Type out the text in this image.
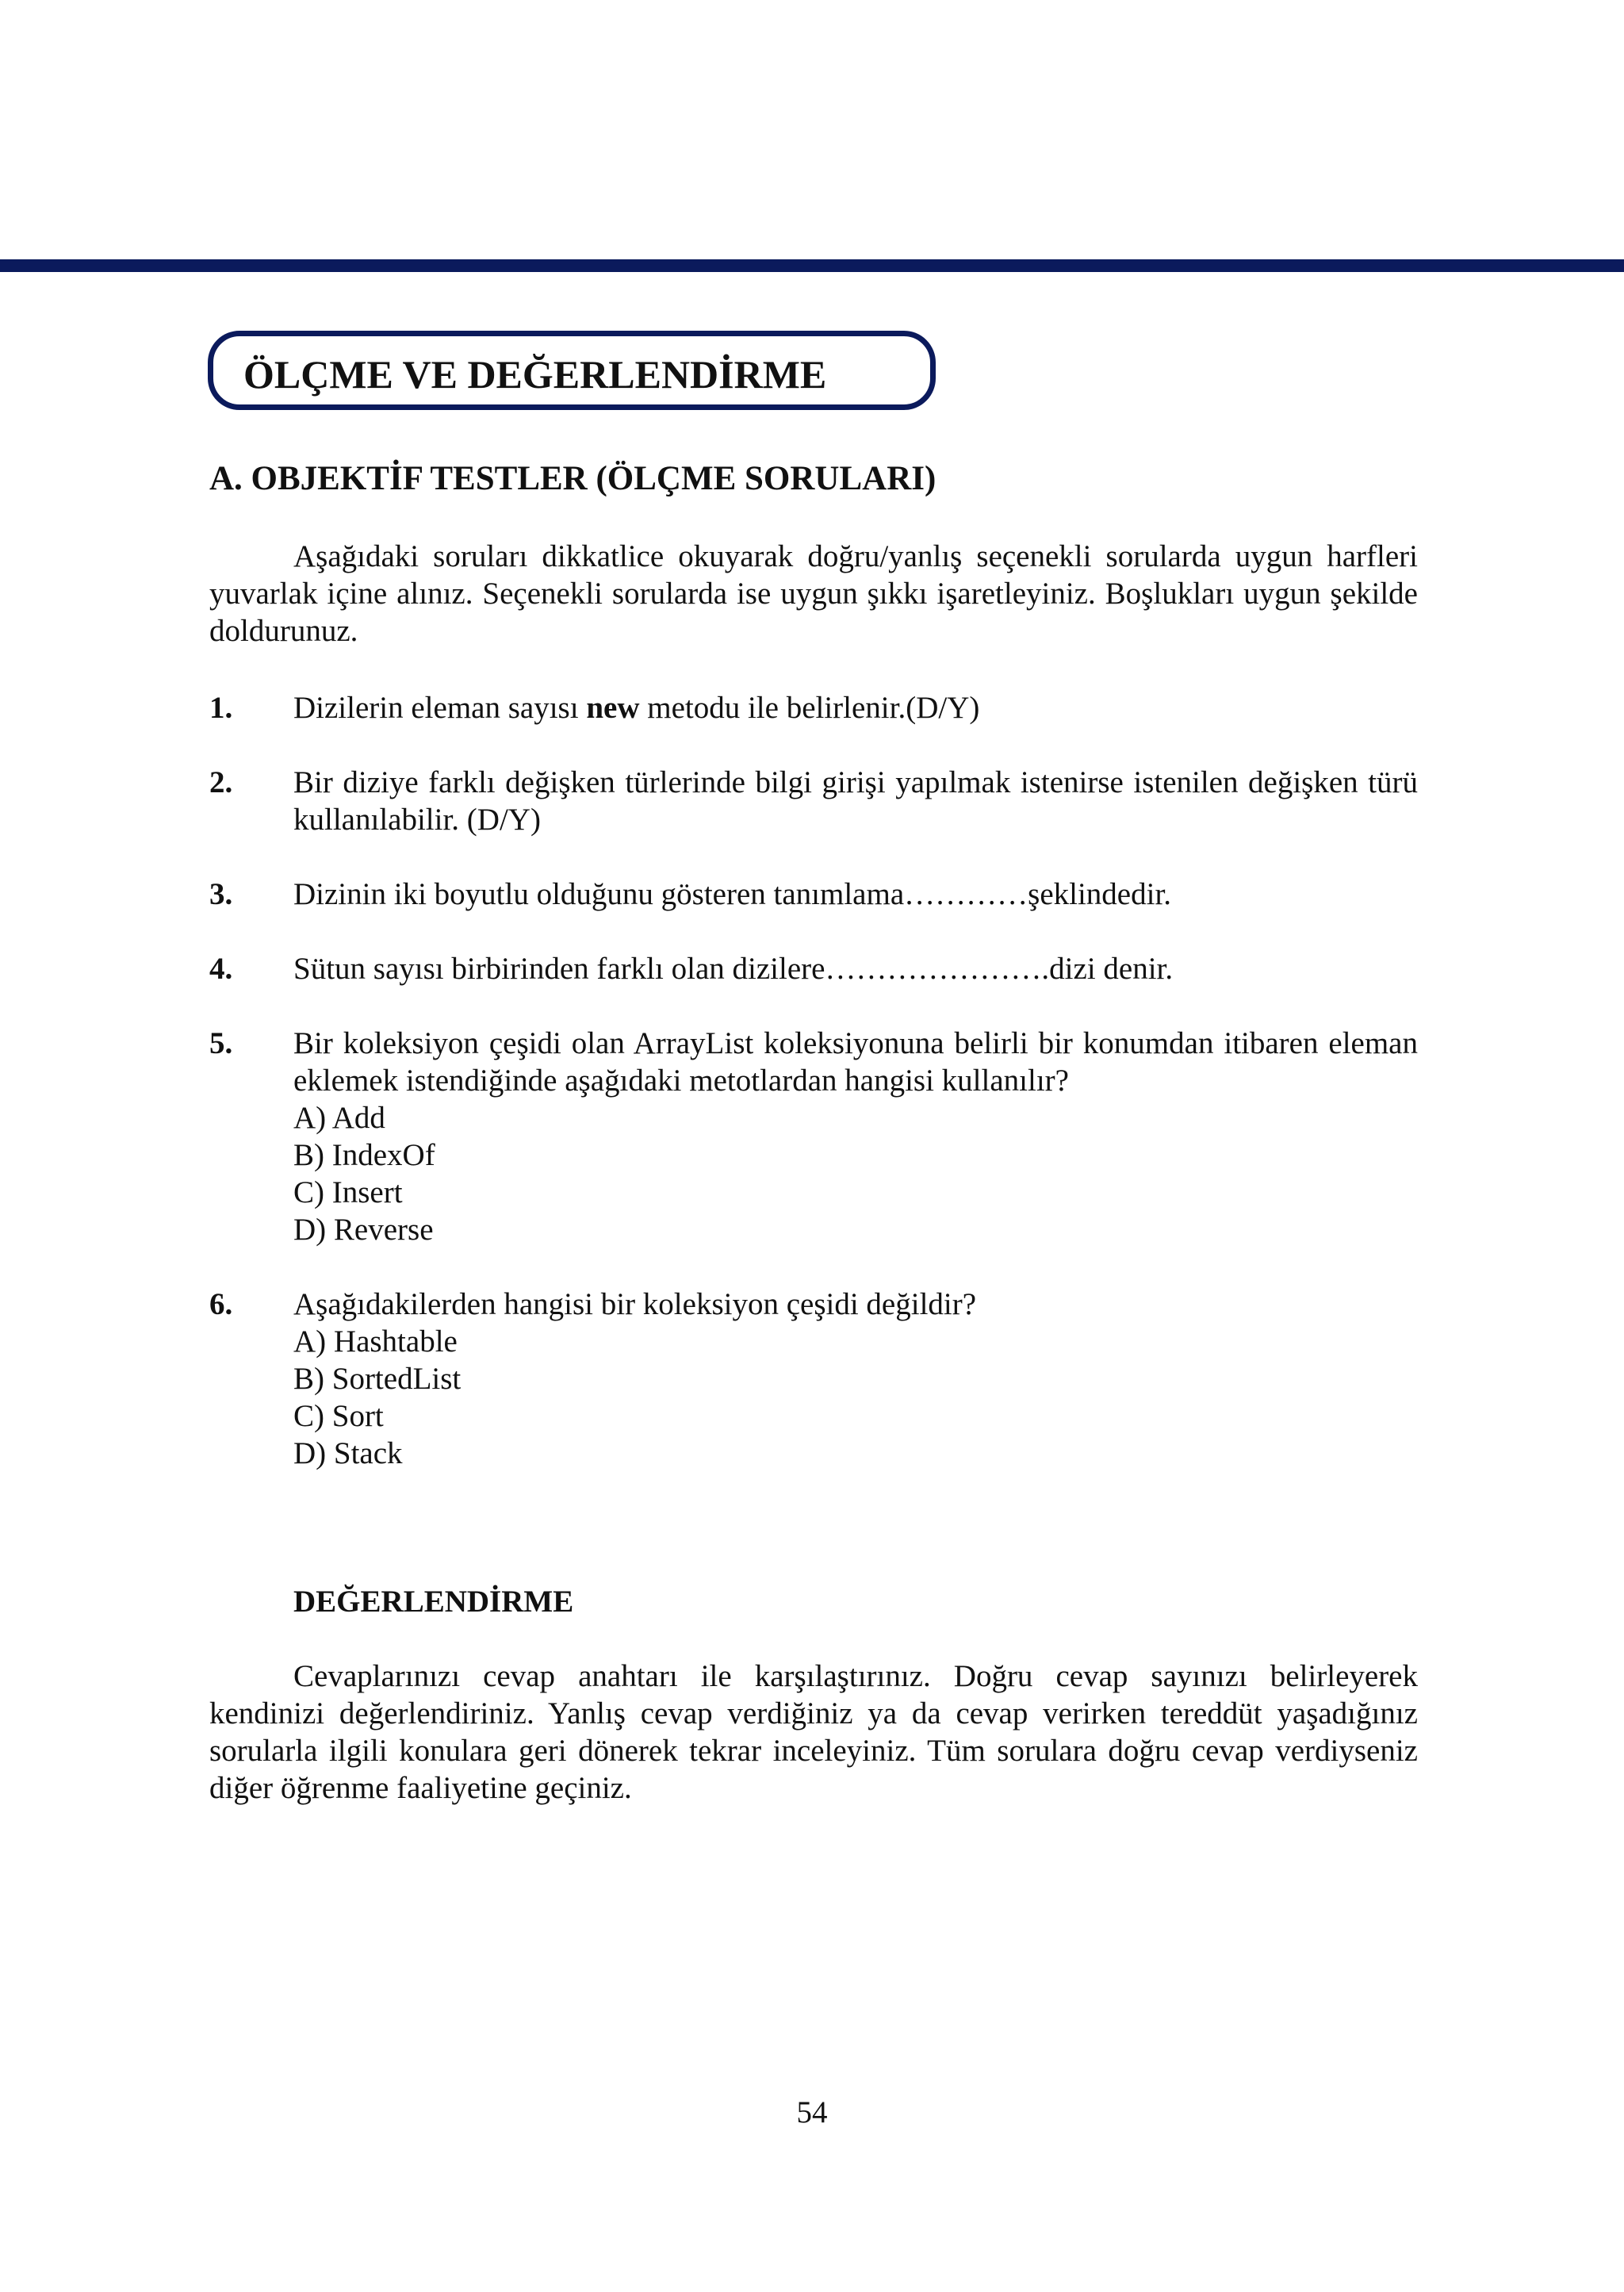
ÖLÇME VE DEĞERLENDİRME
A. OBJEKTİF TESTLER (ÖLÇME SORULARI)

Aşağıdaki soruları dikkatlice okuyarak doğru/yanlış seçenekli sorularda uygun harfleri yuvarlak içine alınız. Seçenekli sorularda ise uygun şıkkı işaretleyiniz. Boşlukları uygun şekilde doldurunuz.

1.	Dizilerin eleman sayısı new metodu ile belirlenir.(D/Y)
2.	Bir diziye farklı değişken türlerinde bilgi girişi yapılmak istenirse istenilen değişken türü kullanılabilir. (D/Y)
3.	Dizinin iki boyutlu olduğunu gösteren tanımlama…………şeklindedir.
4.	Sütun sayısı birbirinden farklı olan dizilere………………….dizi denir.
5.	Bir koleksiyon çeşidi olan ArrayList koleksiyonuna belirli bir konumdan itibaren eleman eklemek istendiğinde aşağıdaki metotlardan hangisi kullanılır?
A) Add
B) IndexOf
C) Insert
D) Reverse
6.	Aşağıdakilerden hangisi bir koleksiyon çeşidi değildir?
A) Hashtable
B) SortedList
C) Sort
D) Stack
DEĞERLENDİRME

Cevaplarınızı cevap anahtarı ile karşılaştırınız. Doğru cevap sayınızı belirleyerek kendinizi değerlendiriniz. Yanlış cevap verdiğiniz ya da cevap verirken tereddüt yaşadığınız sorularla ilgili konulara geri dönerek tekrar inceleyiniz. Tüm sorulara doğru cevap verdiyseniz diğer öğrenme faaliyetine geçiniz.

54
